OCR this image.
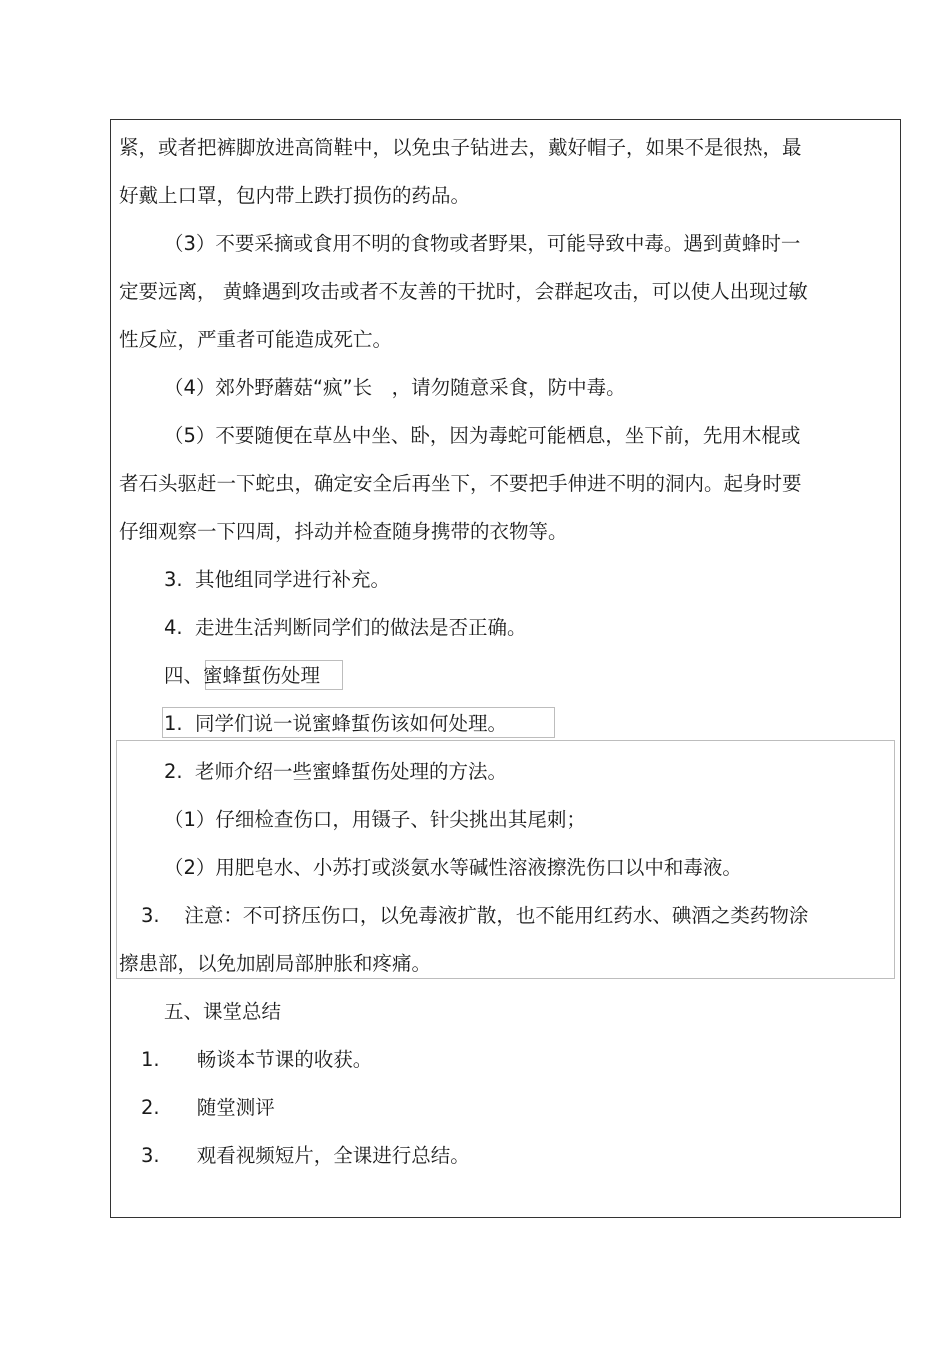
紧，或者把裤脚放进高筒鞋中，以免虫子钻进去，戴好帽子，如果不是很热，最
好戴上口罩，包内带上跌打损伤的药品。
（3）不要采摘或食用不明的食物或者野果，可能导致中毒。遇到黄蜂时一
定要远离， 黄蜂遇到攻击或者不友善的干扰时，会群起攻击，可以使人出现过敏
性反应，严重者可能造成死亡。
（4）郊外野蘑菇“疯”长　，请勿随意采食，防中毒。
（5）不要随便在草丛中坐、卧，因为毒蛇可能栖息，坐下前，先用木棍或
者石头驱赶一下蛇虫，确定安全后再坐下，不要把手伸进不明的洞内。起身时要
仔细观察一下四周，抖动并检查随身携带的衣物等。
3.  其他组同学进行补充。
4.  走进生活判断同学们的做法是否正确。
四、蜜蜂蜇伤处理
1.  同学们说一说蜜蜂蜇伤该如何处理。
2.  老师介绍一些蜜蜂蜇伤处理的方法。
（1）仔细检查伤口，用镊子、针尖挑出其尾刺；
（2）用肥皂水、小苏打或淡氨水等碱性溶液擦洗伤口以中和毒液。
3.    注意：不可挤压伤口，以免毒液扩散，也不能用红药水、碘酒之类药物涂
擦患部，以免加剧局部肿胀和疼痛。
五、课堂总结
1.      畅谈本节课的收获。
2.      随堂测评
3.      观看视频短片，全课进行总结。
